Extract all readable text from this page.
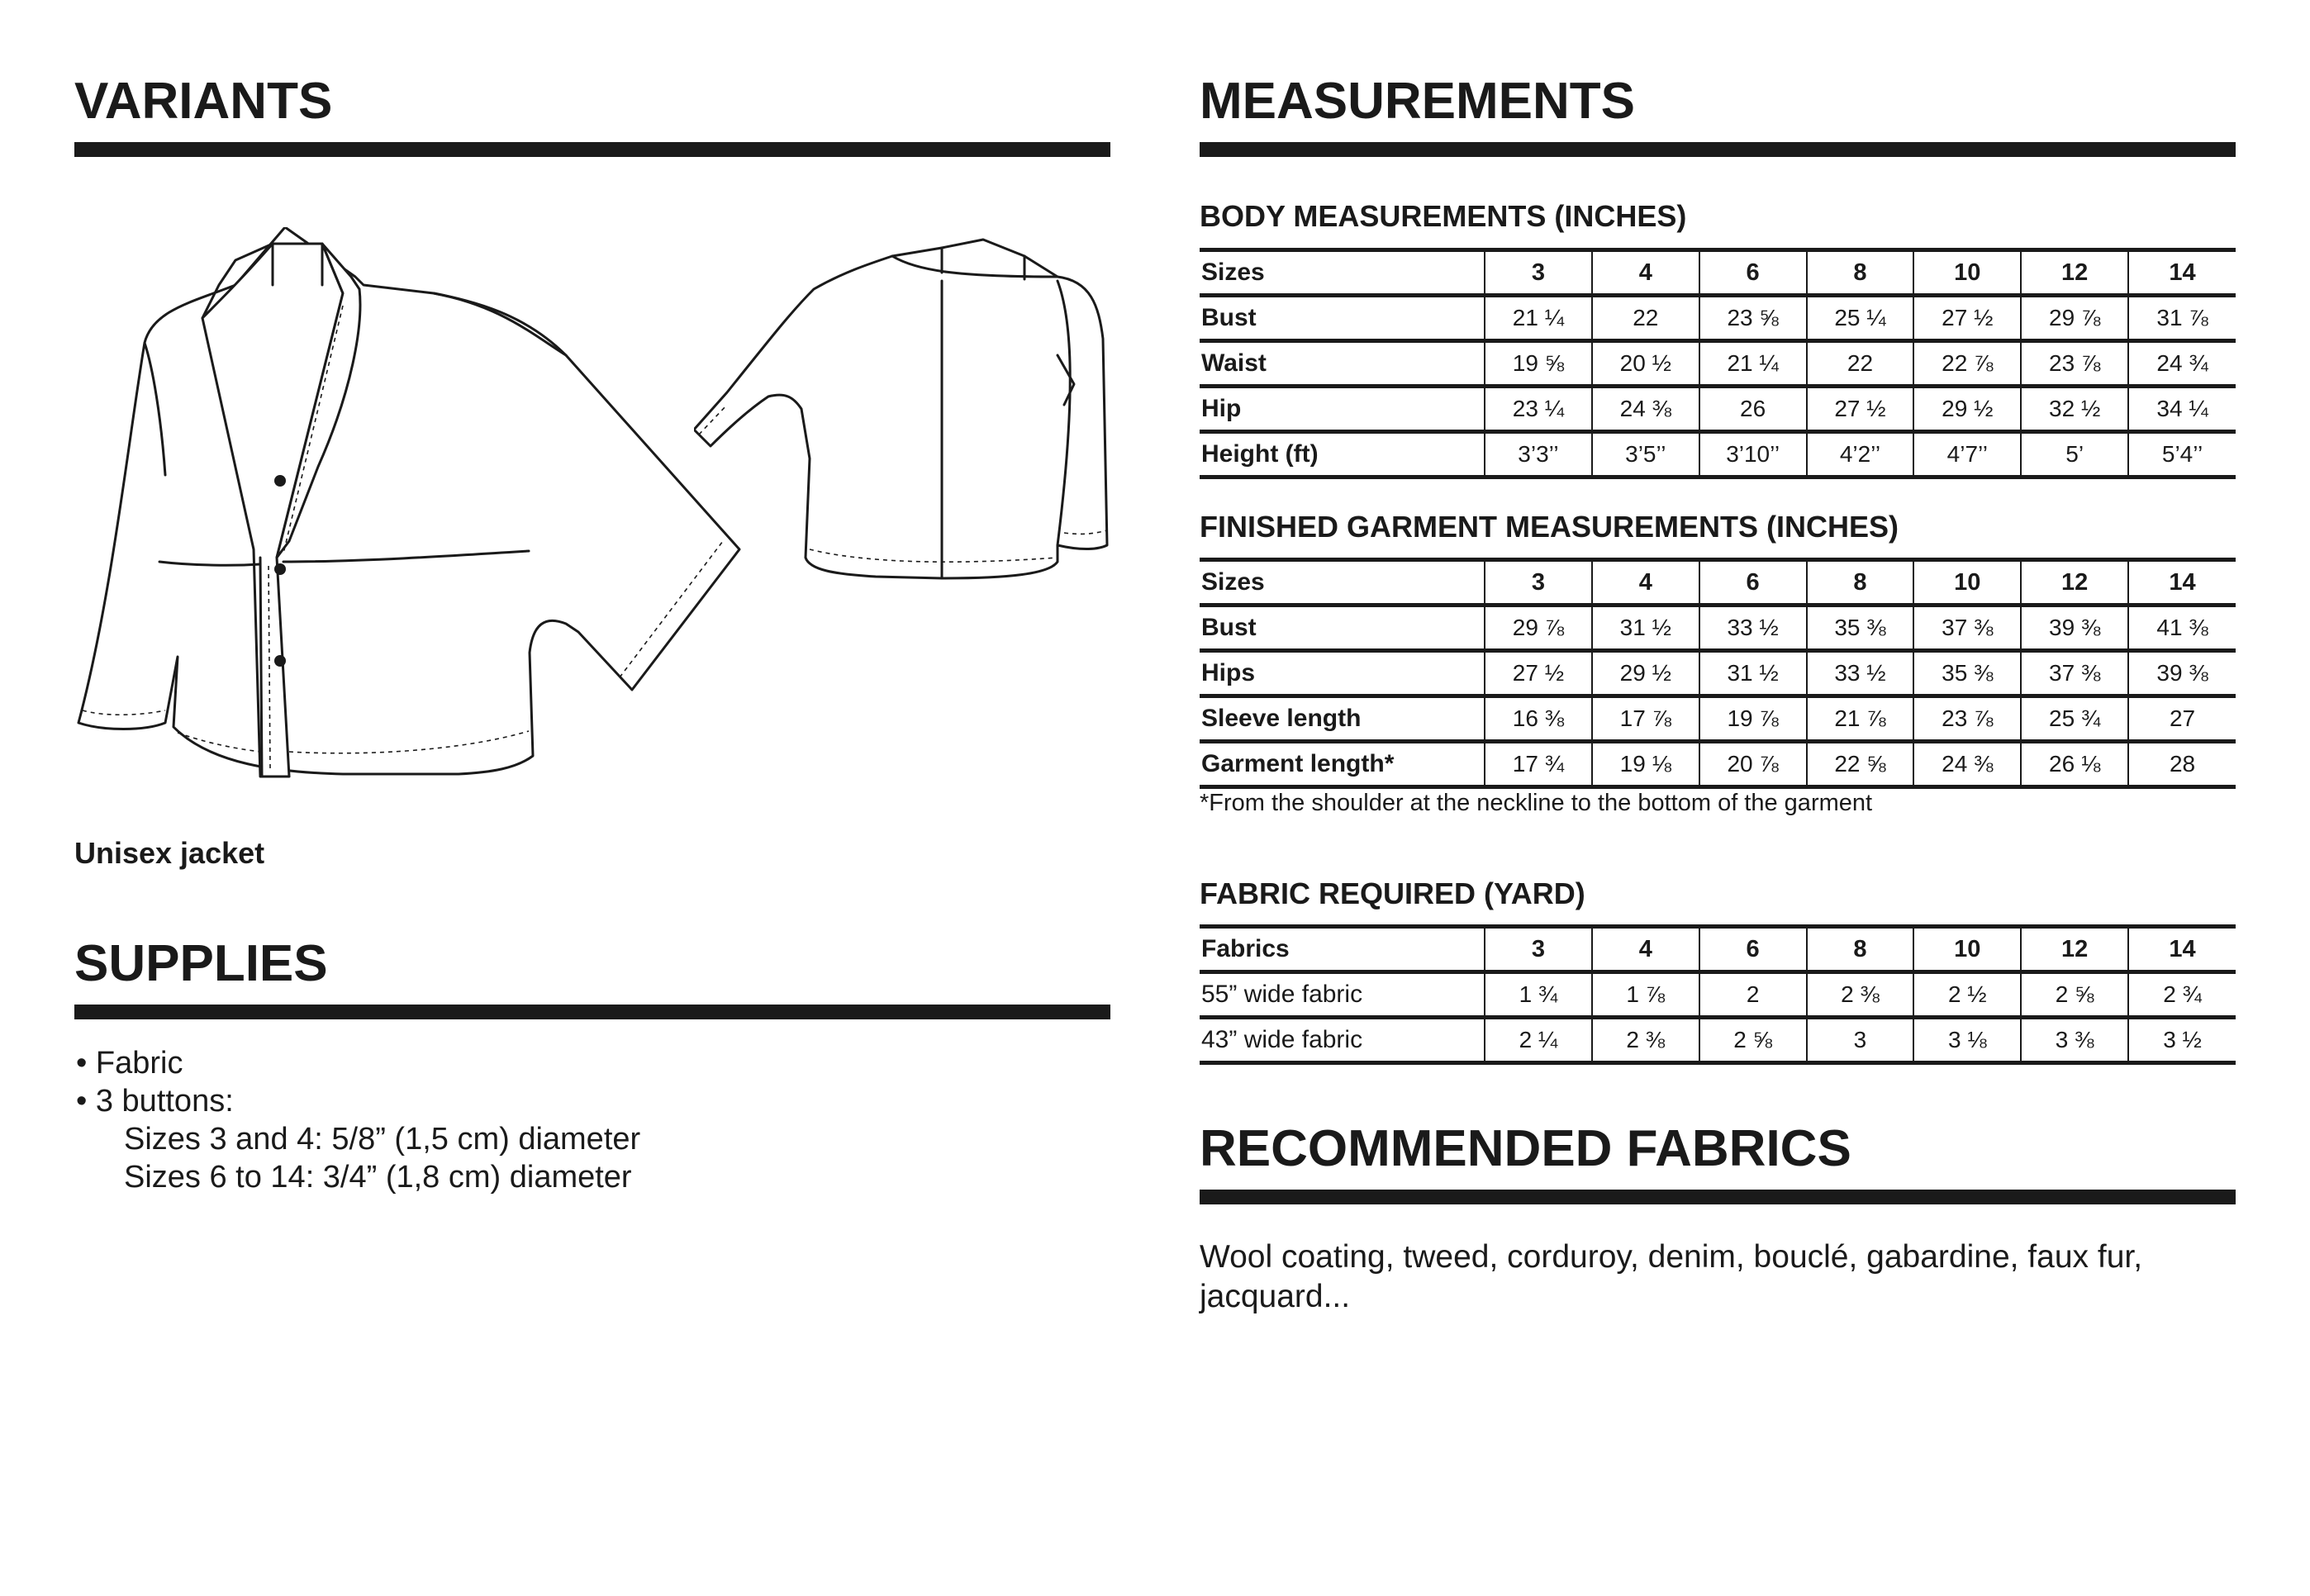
VARIANTS
Unisex jacket
SUPPLIES
• Fabric
• 3 buttons:
Sizes 3 and 4: 5/8” (1,5 cm) diameter
Sizes 6 to 14: 3/4” (1,8 cm) diameter
MEASUREMENTS
BODY MEASUREMENTS (INCHES)
Sizes	3	4	6	8	10	12	14
Bust	21 ¼	22	23 ⅝	25 ¼	27 ½	29 ⅞	31 ⅞
Waist	19 ⅝	20 ½	21 ¼	22	22 ⅞	23 ⅞	24 ¾
Hip	23 ¼	24 ⅜	26	27 ½	29 ½	32 ½	34 ¼
Height (ft)	3’3’’	3’5’’	3’10’’	4’2’’	4’7’’	5’	5’4’’
FINISHED GARMENT MEASUREMENTS (INCHES)
Sizes	3	4	6	8	10	12	14
Bust	29 ⅞	31 ½	33 ½	35 ⅜	37 ⅜	39 ⅜	41 ⅜
Hips	27 ½	29 ½	31 ½	33 ½	35 ⅜	37 ⅜	39 ⅜
Sleeve length	16 ⅜	17 ⅞	19 ⅞	21 ⅞	23 ⅞	25 ¾	27
Garment length*	17 ¾	19 ⅛	20 ⅞	22 ⅝	24 ⅜	26 ⅛	28
*From the shoulder at the neckline to the bottom of the garment
FABRIC REQUIRED (YARD)
Fabrics	3	4	6	8	10	12	14
55” wide fabric	1 ¾	1 ⅞	2	2 ⅜	2 ½	2 ⅝	2 ¾
43” wide fabric	2 ¼	2 ⅜	2 ⅝	3	3 ⅛	3 ⅜	3 ½
RECOMMENDED FABRICS
Wool coating, tweed, corduroy, denim, bouclé, gabardine, faux fur, jacquard...
